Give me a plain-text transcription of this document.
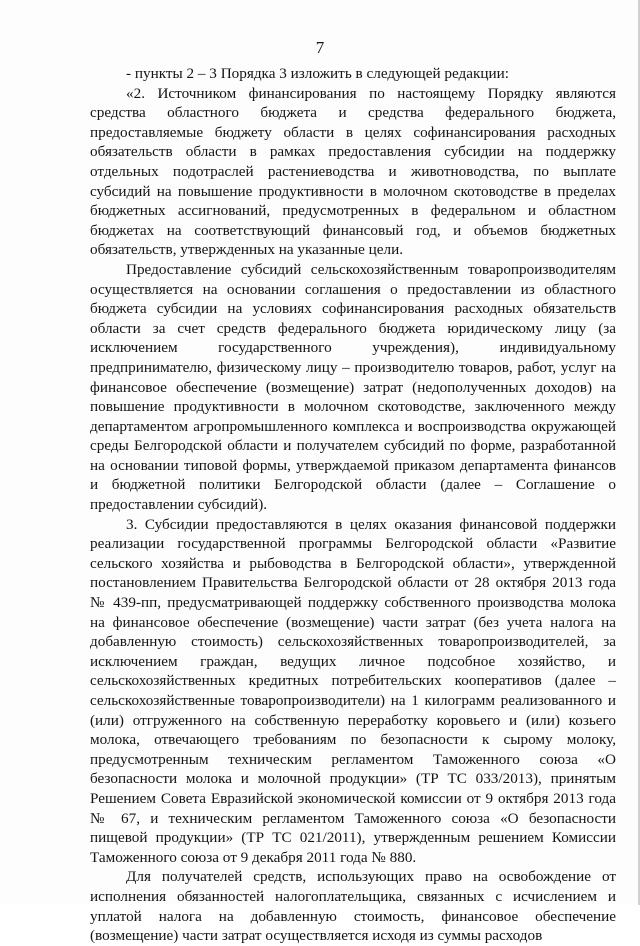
7

- пункты 2 – 3 Порядка 3 изложить в следующей редакции:

«2. Источником финансирования по настоящему Порядку являются средства областного бюджета и средства федерального бюджета, предоставляемые бюджету области в целях софинансирования расходных обязательств области в рамках предоставления субсидии на поддержку отдельных подотраслей растениеводства и животноводства, по выплате субсидий на повышение продуктивности в молочном скотоводстве в пределах бюджетных ассигнований, предусмотренных в федеральном и областном бюджетах на соответствующий финансовый год, и объемов бюджетных обязательств, утвержденных на указанные цели.

Предоставление субсидий сельскохозяйственным товаропроизводителям осуществляется на основании соглашения о предоставлении из областного бюджета субсидии на условиях софинансирования расходных обязательств области за счет средств федерального бюджета юридическому лицу (за исключением государственного учреждения), индивидуальному предпринимателю, физическому лицу – производителю товаров, работ, услуг на финансовое обеспечение (возмещение) затрат (недополученных доходов) на повышение продуктивности в молочном скотоводстве, заключенного между департаментом агропромышленного комплекса и воспроизводства окружающей среды Белгородской области и получателем субсидий по форме, разработанной на основании типовой формы, утверждаемой приказом департамента финансов и бюджетной политики Белгородской области (далее – Соглашение о предоставлении субсидий).

3. Субсидии предоставляются в целях оказания финансовой поддержки реализации государственной программы Белгородской области «Развитие сельского хозяйства и рыбоводства в Белгородской области», утвержденной постановлением Правительства Белгородской области от 28 октября 2013 года № 439-пп, предусматривающей поддержку собственного производства молока на финансовое обеспечение (возмещение) части затрат (без учета налога на добавленную стоимость) сельскохозяйственных товаропроизводителей, за исключением граждан, ведущих личное подсобное хозяйство, и сельскохозяйственных кредитных потребительских кооперативов (далее – сельскохозяйственные товаропроизводители) на 1 килограмм реализованного и (или) отгруженного на собственную переработку коровьего и (или) козьего молока, отвечающего требованиям по безопасности к сырому молоку, предусмотренным техническим регламентом Таможенного союза «О безопасности молока и молочной продукции» (ТР ТС 033/2013), принятым Решением Совета Евразийской экономической комиссии от 9 октября 2013 года № 67, и техническим регламентом Таможенного союза «О безопасности пищевой продукции» (ТР ТС 021/2011), утвержденным решением Комиссии Таможенного союза от 9 декабря 2011 года № 880.

Для получателей средств, использующих право на освобождение от исполнения обязанностей налогоплательщика, связанных с исчислением и уплатой налога на добавленную стоимость, финансовое обеспечение (возмещение) части затрат осуществляется исходя из суммы расходов
